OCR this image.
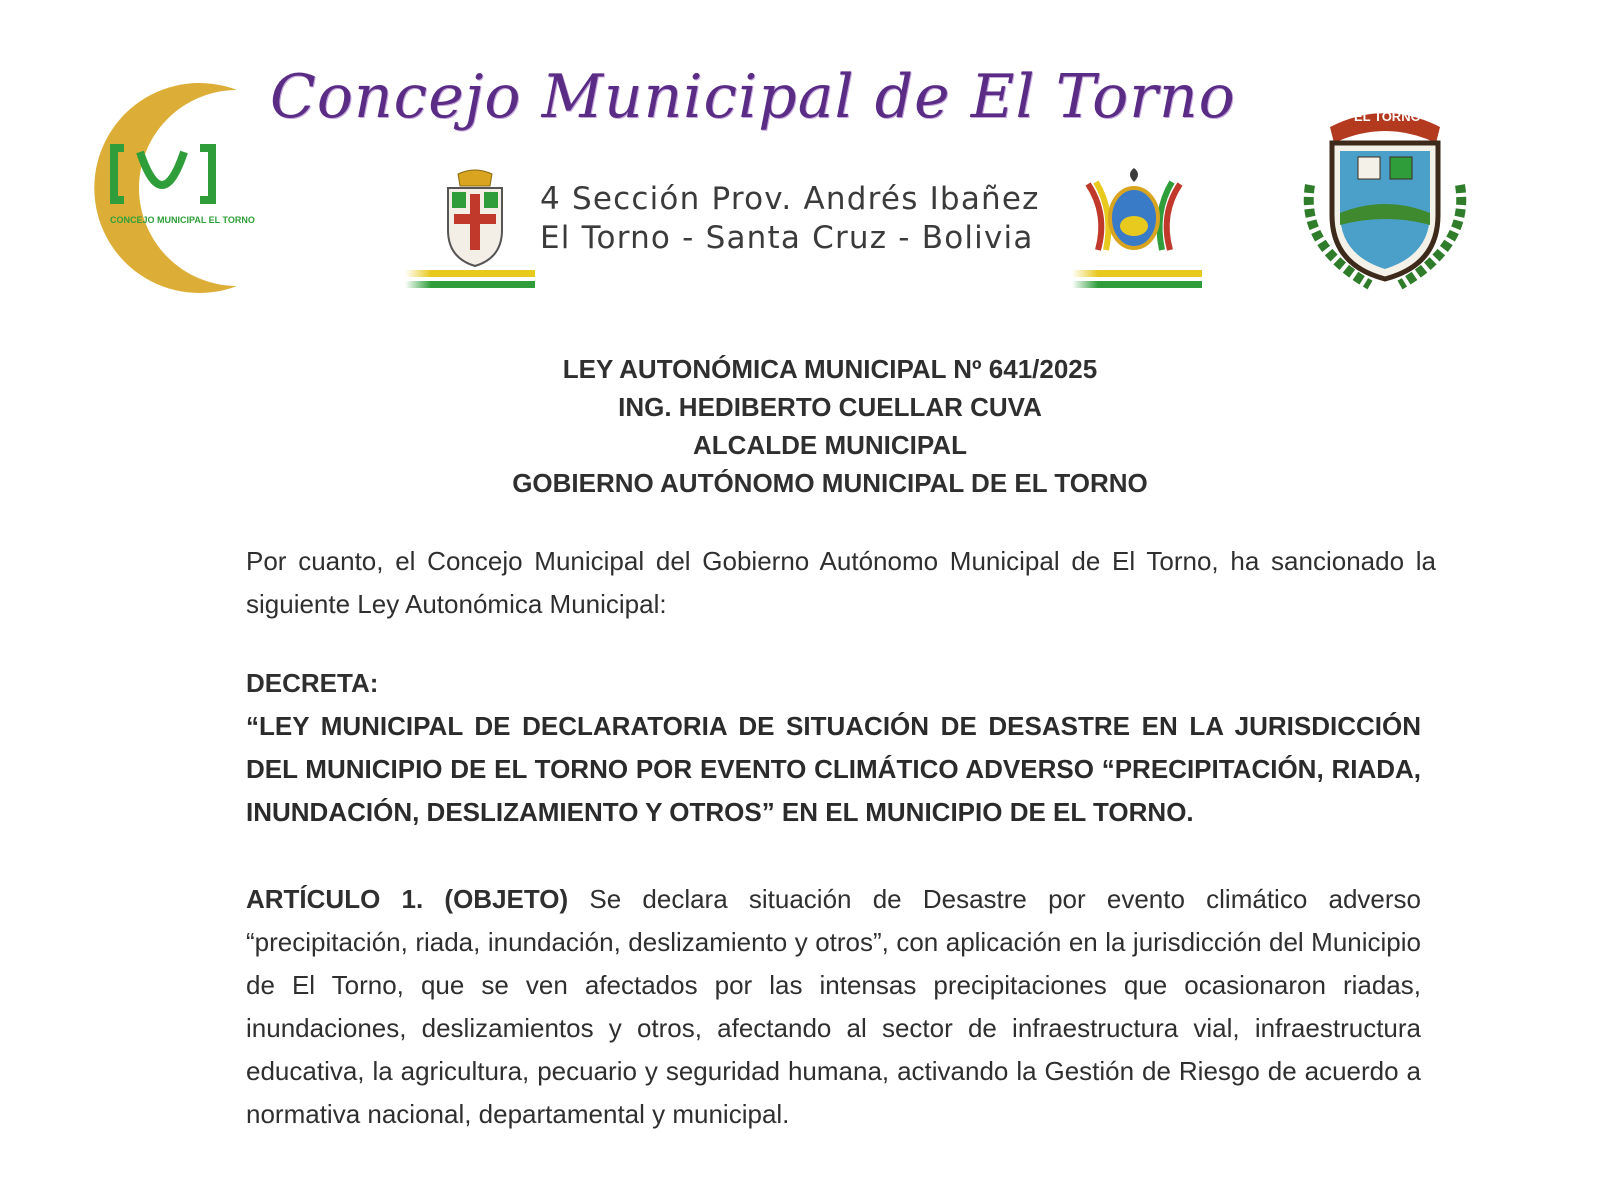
CONCEJO MUNICIPAL EL TORNO
Concejo Municipal de El Torno
4 Sección Prov. Andrés Ibañez
El Torno - Santa Cruz - Bolivia
EL TORNO
LEY AUTONÓMICA MUNICIPAL Nº 641/2025
ING. HEDIBERTO CUELLAR CUVA
ALCALDE MUNICIPAL
GOBIERNO AUTÓNOMO MUNICIPAL DE EL TORNO
Por cuanto, el Concejo Municipal del Gobierno Autónomo Municipal de El Torno, ha sancionado la siguiente Ley Autonómica Municipal:
DECRETA:
“LEY MUNICIPAL DE DECLARATORIA DE SITUACIÓN DE DESASTRE EN LA JURISDICCIÓN DEL MUNICIPIO DE EL TORNO POR EVENTO CLIMÁTICO ADVERSO “PRECIPITACIÓN, RIADA, INUNDACIÓN, DESLIZAMIENTO Y OTROS” EN EL MUNICIPIO DE EL TORNO.
ARTÍCULO 1. (OBJETO) Se declara situación de Desastre por evento climático adverso “precipitación, riada, inundación, deslizamiento y otros”, con aplicación en la jurisdicción del Municipio de El Torno, que se ven afectados por las intensas precipitaciones que ocasionaron riadas, inundaciones, deslizamientos y otros, afectando al sector de infraestructura vial, infraestructura educativa, la agricultura, pecuario y seguridad humana, activando la Gestión de Riesgo de acuerdo a normativa nacional, departamental y municipal.
